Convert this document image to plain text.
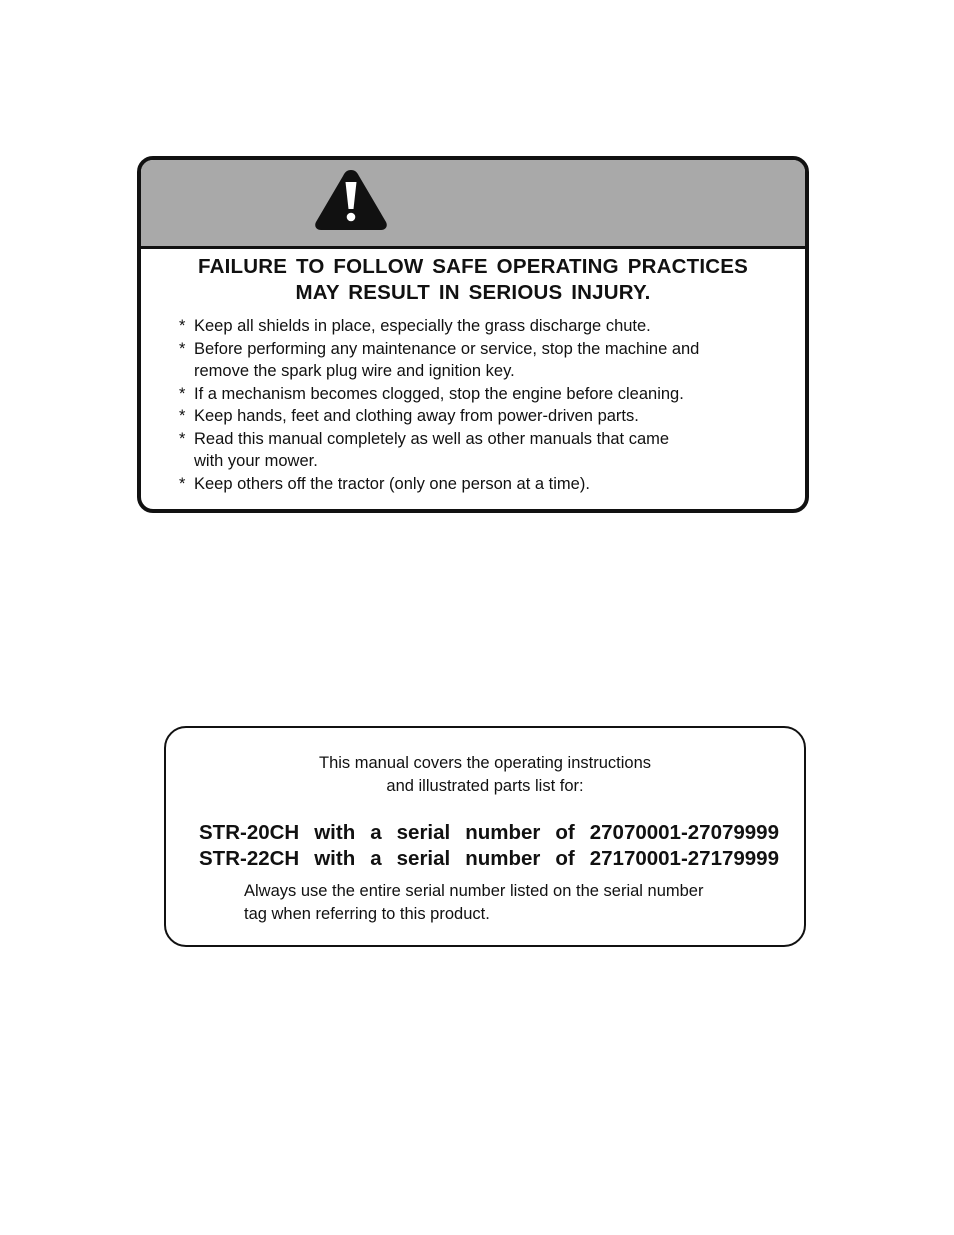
FAILURE TO FOLLOW SAFE OPERATING PRACTICES
MAY RESULT IN SERIOUS INJURY.
* Keep all shields in place, especially the grass discharge chute.
* Before performing any maintenance or service, stop the machine and
remove the spark plug wire and ignition key.
* If a mechanism becomes clogged, stop the engine before cleaning.
* Keep hands, feet and clothing away from power-driven parts.
* Read this manual completely as well as other manuals that came
with your mower.
* Keep others off the tractor (only one person at a time).
This manual covers the operating instructions
and illustrated parts list for:
STR-20CH with a serial number of 27070001-27079999
STR-22CH with a serial number of 27170001-27179999
Always use the entire serial number listed on the serial number
tag when referring to this product.
